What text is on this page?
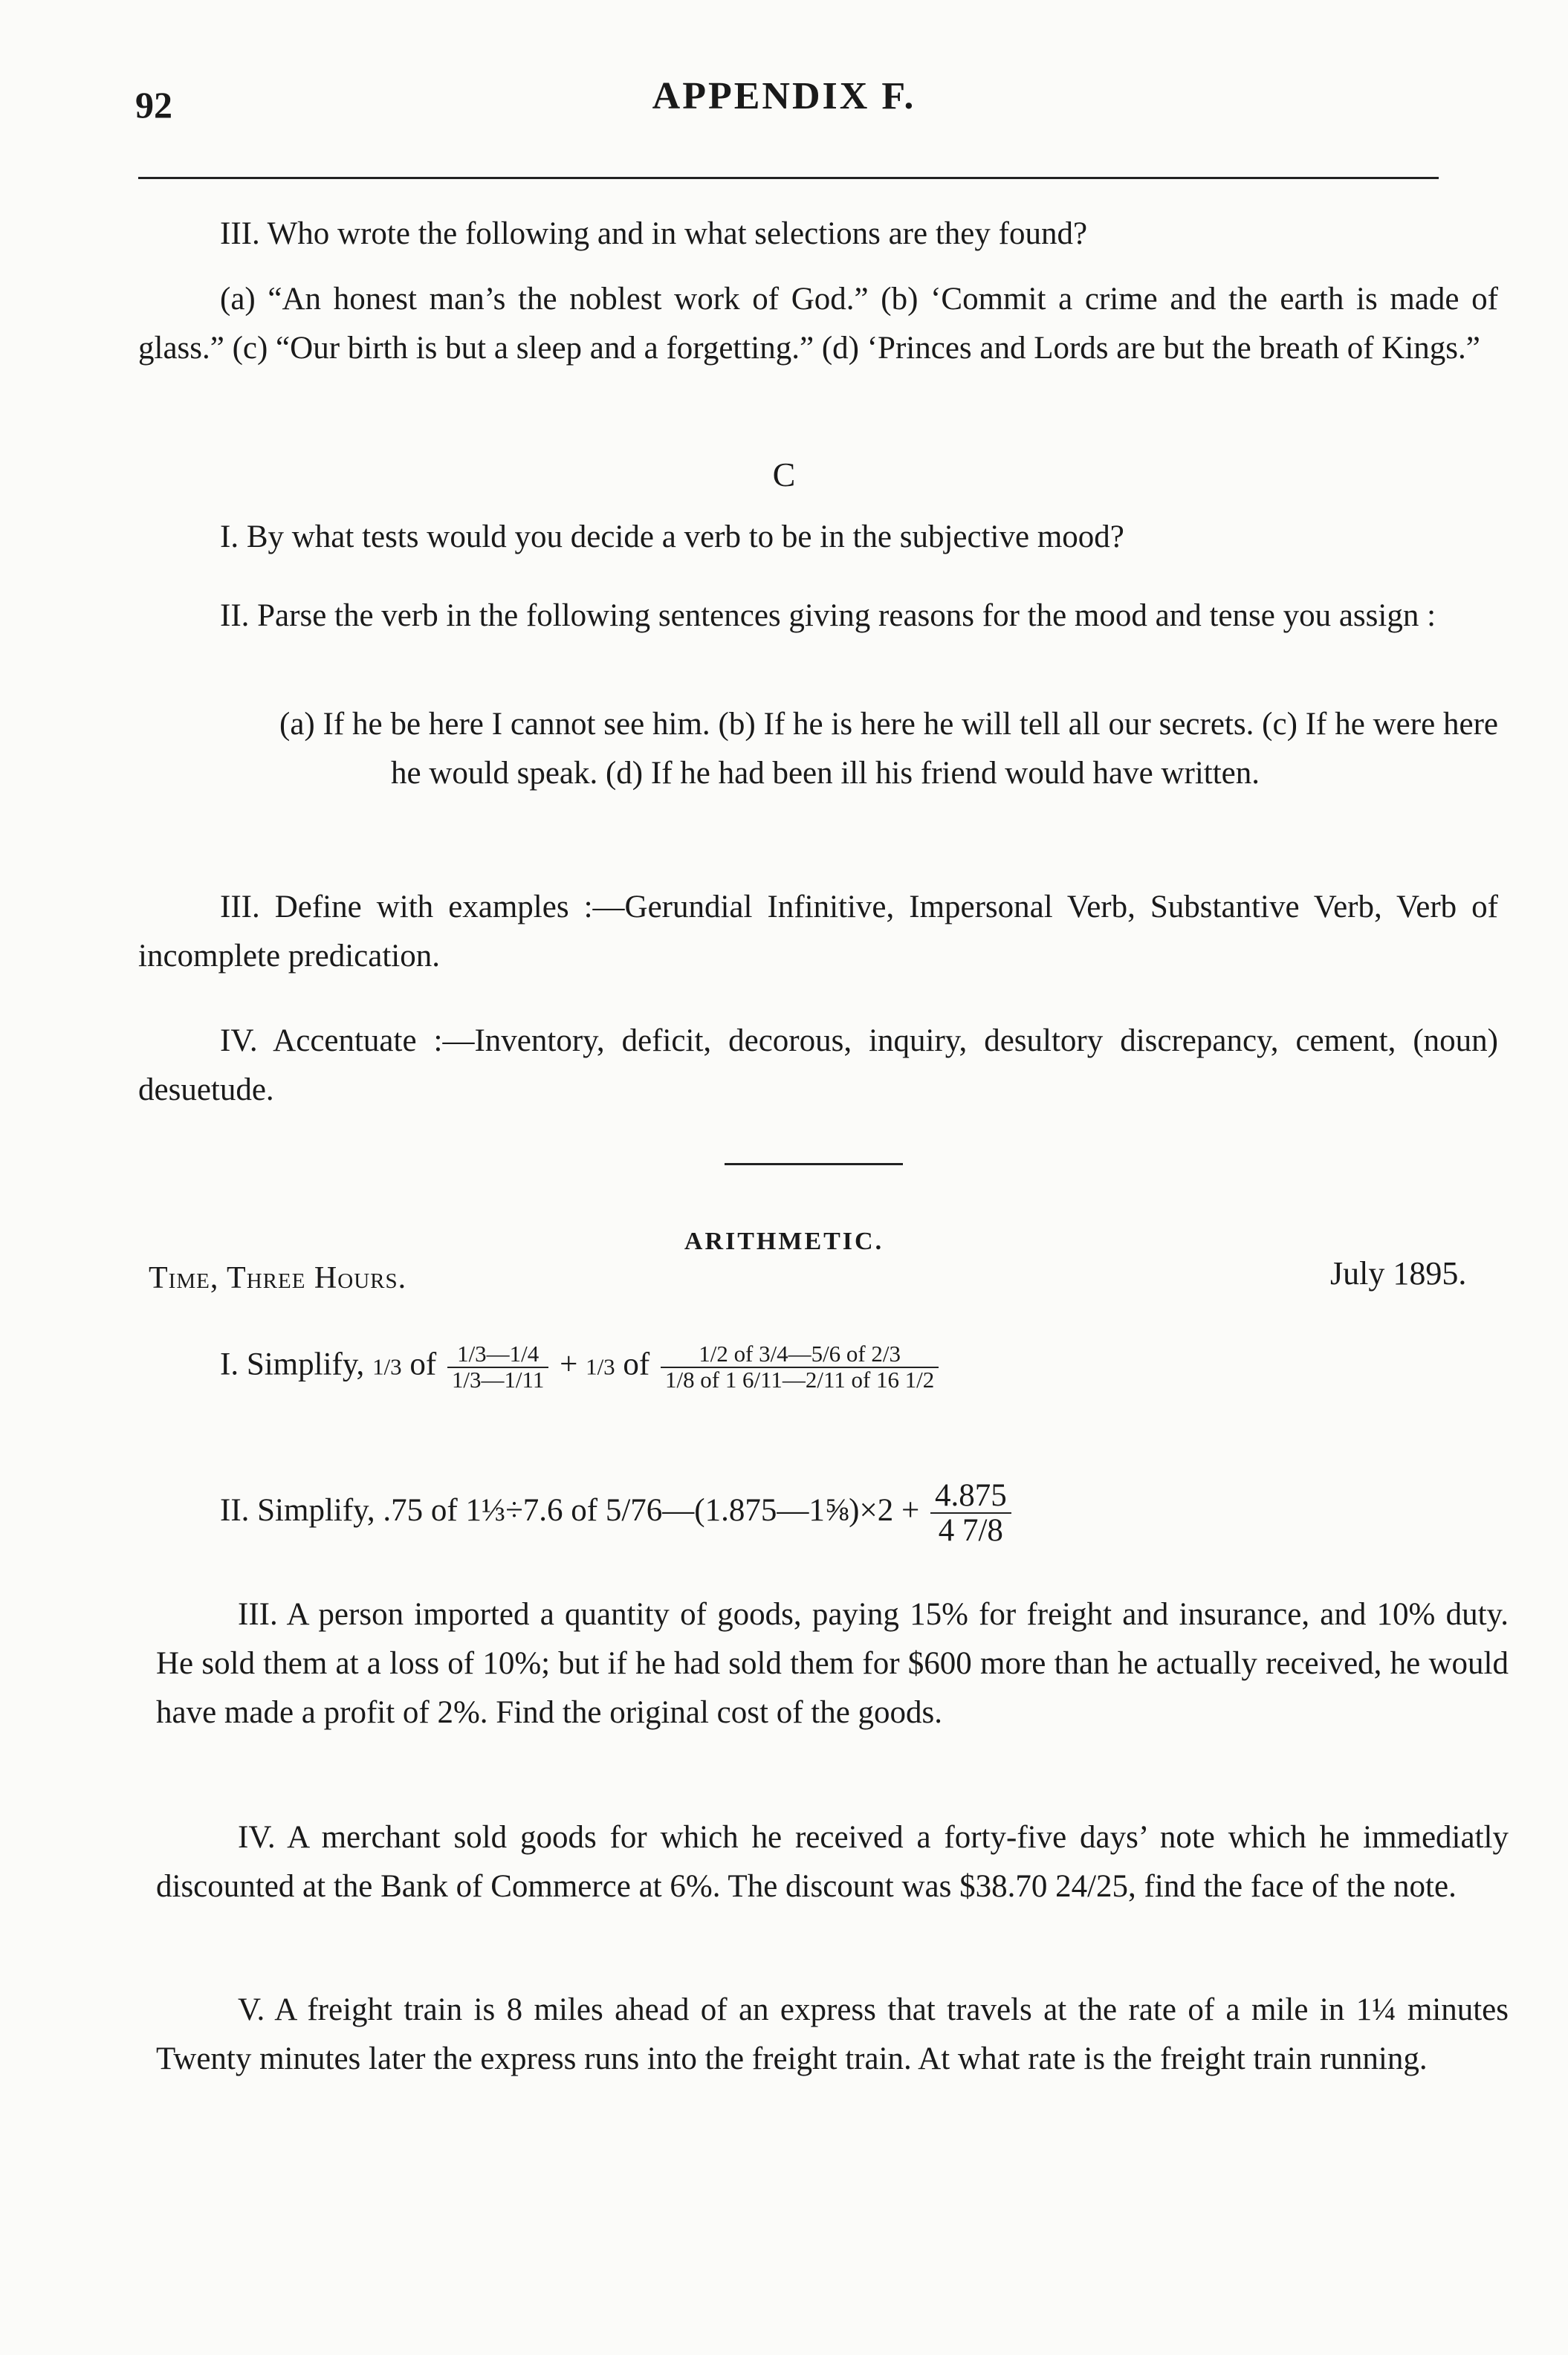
92	APPENDIX F.
III. Who wrote the following and in what selections are they found?
(a) “An honest man’s the noblest work of God.” (b) ‘Commit a crime and the earth is made of glass.” (c) “Our birth is but a sleep and a forgetting.” (d) ‘Princes and Lords are but the breath of Kings.”
C
I. By what tests would you decide a verb to be in the subjective mood?
II. Parse the verb in the following sentences giving reasons for the mood and tense you assign :
(a) If he be here I cannot see him. (b) If he is here he will tell all our secrets. (c) If he were here he would speak. (d) If he had been ill his friend would have written.
III. Define with examples :—Gerundial Infinitive, Impersonal Verb, Substantive Verb, Verb of incomplete predication.
IV. Accentuate :—Inventory, deficit, decorous, inquiry, desultory discrepancy, cement, (noun) desuetude.
ARITHMETIC.
Time, Three Hours.	July 1895.
I. Simplify, 1/3 of $\frac{1/3—1/4}{1/3—1/11} + 1/3$ of $\frac{1/2 of 3/4—5/6 of 2/3}{1/8 of 1 6/11—2/11 of 16 1/2}$
II. Simplify, .75 of 1⅓÷7.6 of 5/76—(1.875—1⅝)×2 + $\frac{4.875}{4 7/8}$
III. A person imported a quantity of goods, paying 15% for freight and insurance, and 10% duty. He sold them at a loss of 10%; but if he had sold them for $600 more than he actually received, he would have made a profit of 2%. Find the original cost of the goods.
IV. A merchant sold goods for which he received a forty-five days’ note which he immediatly discounted at the Bank of Commerce at 6%. The discount was $38.70 24/25, find the face of the note.
V. A freight train is 8 miles ahead of an express that travels at the rate of a mile in 1¼ minutes Twenty minutes later the express runs into the freight train. At what rate is the freight train running.
